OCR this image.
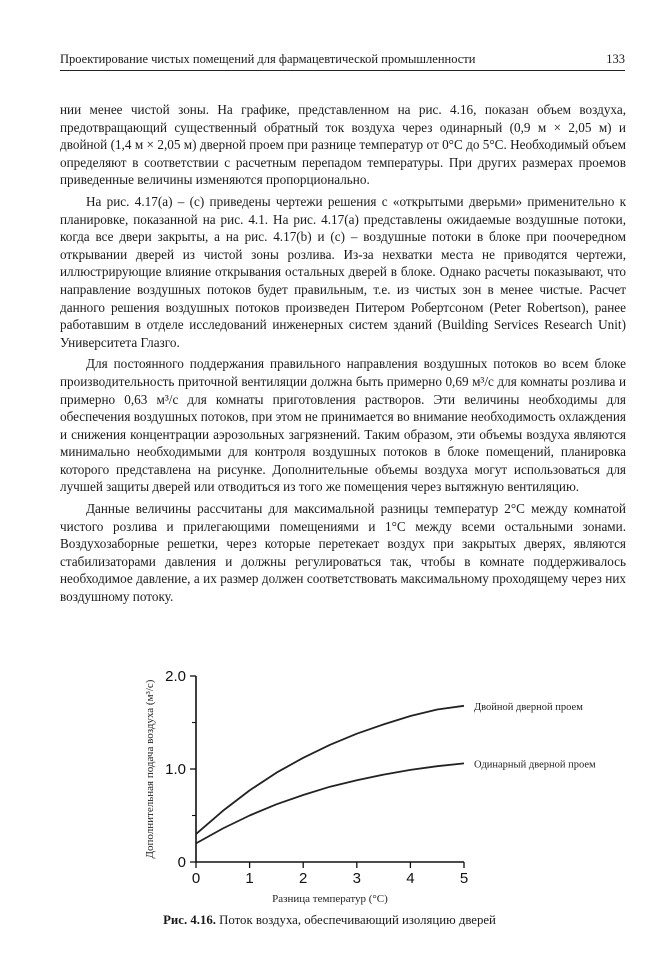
Проектирование чистых помещений для фармацевтической промышленности	133

нии менее чистой зоны. На графике, представленном на рис. 4.16, показан объем воздуха, предотвращающий существенный обратный ток воздуха через одинарный (0,9 м × 2,05 м) и двойной (1,4 м × 2,05 м) дверной проем при разнице температур от 0°С до 5°С. Необходимый объем определяют в соответствии с расчетным перепадом температуры. При других размерах проемов приведенные величины изменяются пропорционально.

На рис. 4.17(а) – (с) приведены чертежи решения с «открытыми дверьми» применительно к планировке, показанной на рис. 4.1. На рис. 4.17(а) представлены ожидаемые воздушные потоки, когда все двери закрыты, а на рис. 4.17(b) и (с) – воздушные потоки в блоке при поочередном открывании дверей из чистой зоны розлива. Из-за нехватки места не приводятся чертежи, иллюстрирующие влияние открывания остальных дверей в блоке. Однако расчеты показывают, что направление воздушных потоков будет правильным, т.е. из чистых зон в менее чистые. Расчет данного решения воздушных потоков произведен Питером Робертсоном (Peter Robertson), ранее работавшим в отделе исследований инженерных систем зданий (Building Services Research Unit) Университета Глазго.

Для постоянного поддержания правильного направления воздушных потоков во всем блоке производительность приточной вентиляции должна быть примерно 0,69 м³/с для комнаты розлива и примерно 0,63 м³/с для комнаты приготовления растворов. Эти величины необходимы для обеспечения воздушных потоков, при этом не принимается во внимание необходимость охлаждения и снижения концентрации аэрозольных загрязнений. Таким образом, эти объемы воздуха являются минимально необходимыми для контроля воздушных потоков в блоке помещений, планировка которого представлена на рисунке. Дополнительные объемы воздуха могут использоваться для лучшей защиты дверей или отводиться из того же помещения через вытяжную вентиляцию.

Данные величины рассчитаны для максимальной разницы температур 2°С между комнатой чистого розлива и прилегающими помещениями и 1°С между всеми остальными зонами. Воздухозаборные решетки, через которые перетекает воздух при закрытых дверях, являются стабилизаторами давления и должны регулироваться так, чтобы в комнате поддерживалось необходимое давление, а их размер должен соответствовать максимальному проходящему через них воздушному потоку.

0	1	2	3	4	5
0
1.0
2.0
Разница температур (°С)
Дополнительная подача воздуха (м³/с)	Двойной дверной проем
Одинарный дверной проем
Рис. 4.16. Поток воздуха, обеспечивающий изоляцию дверей
